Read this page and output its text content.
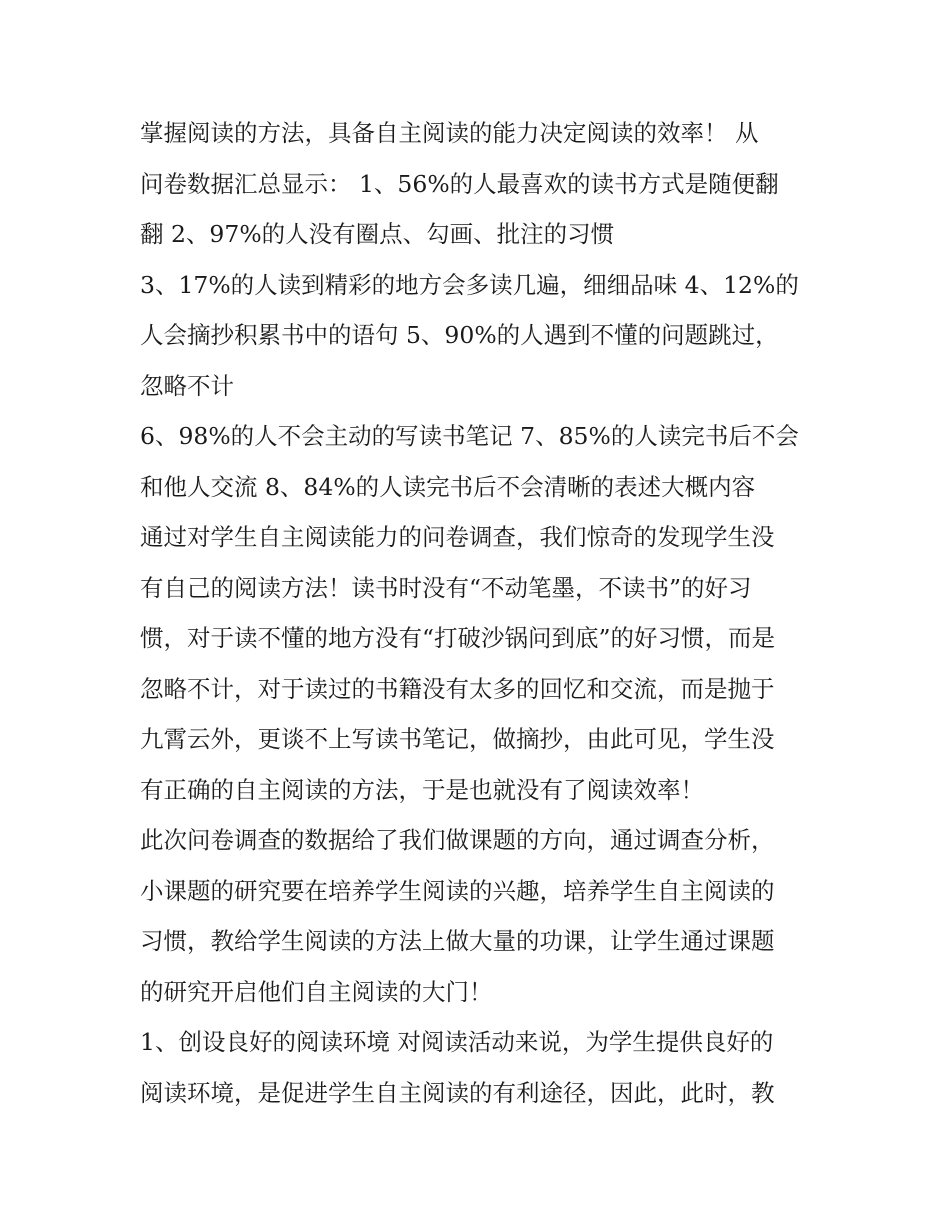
掌握阅读的方法，具备自主阅读的能力决定阅读的效率！ 从
问卷数据汇总显示： 1、56%的人最喜欢的读书方式是随便翻
翻 2、97%的人没有圈点、勾画、批注的习惯
3、17%的人读到精彩的地方会多读几遍，细细品味 4、12%的
人会摘抄积累书中的语句 5、90%的人遇到不懂的问题跳过，
忽略不计
6、98%的人不会主动的写读书笔记 7、85%的人读完书后不会
和他人交流 8、84%的人读完书后不会清晰的表述大概内容
通过对学生自主阅读能力的问卷调查，我们惊奇的发现学生没
有自己的阅读方法！读书时没有“不动笔墨，不读书”的好习
惯，对于读不懂的地方没有“打破沙锅问到底”的好习惯，而是
忽略不计，对于读过的书籍没有太多的回忆和交流，而是抛于
九霄云外，更谈不上写读书笔记，做摘抄，由此可见，学生没
有正确的自主阅读的方法，于是也就没有了阅读效率！
此次问卷调查的数据给了我们做课题的方向，通过调查分析，
小课题的研究要在培养学生阅读的兴趣，培养学生自主阅读的
习惯，教给学生阅读的方法上做大量的功课，让学生通过课题
的研究开启他们自主阅读的大门！
1、创设良好的阅读环境 对阅读活动来说，为学生提供良好的
阅读环境，是促进学生自主阅读的有利途径，因此，此时，教
